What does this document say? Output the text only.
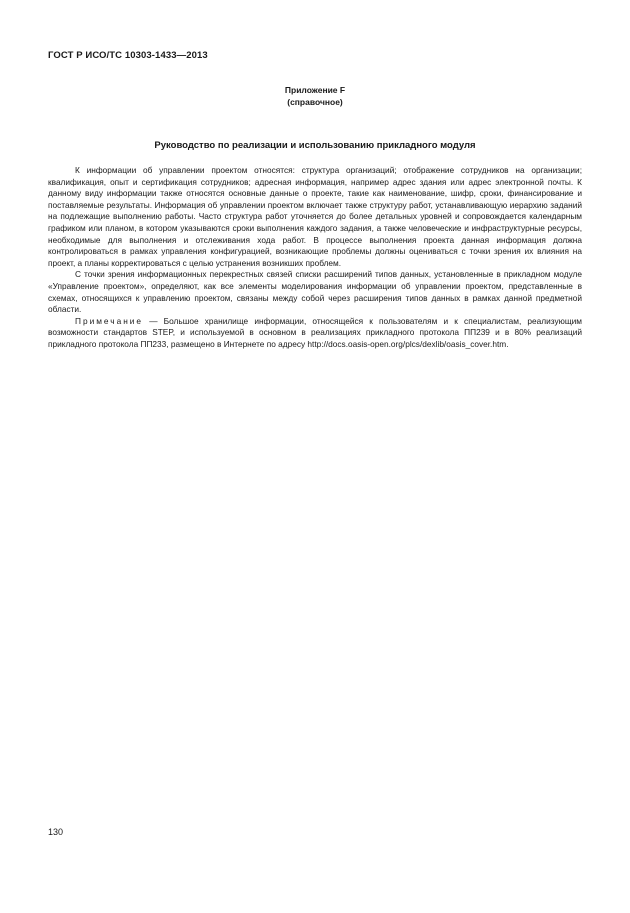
ГОСТ Р ИСО/ТС 10303-1433—2013
Приложение F
(справочное)
Руководство по реализации и использованию прикладного модуля

К информации об управлении проектом относятся: структура организаций; отображение сотрудников на организации; квалификация, опыт и сертификация сотрудников; адресная информация, например адрес здания или адрес электронной почты. К данному виду информации также относятся основные данные о проекте, такие как наименование, шифр, сроки, финансирование и поставляемые результаты. Информация об управлении проектом включает также структуру работ, устанавливающую иерархию заданий на подлежащие выполнению работы. Часто структура работ уточняется до более детальных уровней и сопровождается календарным графиком или планом, в котором указываются сроки выполнения каждого задания, а также человеческие и инфраструктурные ресурсы, необходимые для выполнения и отслеживания хода работ. В процессе выполнения проекта данная информация должна контролироваться в рамках управления конфигурацией, возникающие проблемы должны оцениваться с точки зрения их влияния на проект, а планы корректироваться с целью устранения возникших проблем.

С точки зрения информационных перекрестных связей списки расширений типов данных, установленные в прикладном модуле «Управление проектом», определяют, как все элементы моделирования информации об управлении проектом, представленные в схемах, относящихся к управлению проектом, связаны между собой через расширения типов данных в рамках данной предметной области.

Примечание — Большое хранилище информации, относящейся к пользователям и к специалистам, реализующим возможности стандартов STEP, и используемой в основном в реализациях прикладного протокола ПП239 и в 80% реализаций прикладного протокола ПП233, размещено в Интернете по адресу http://docs.oasis-open.org/plcs/dexlib/oasis_cover.htm.

130
